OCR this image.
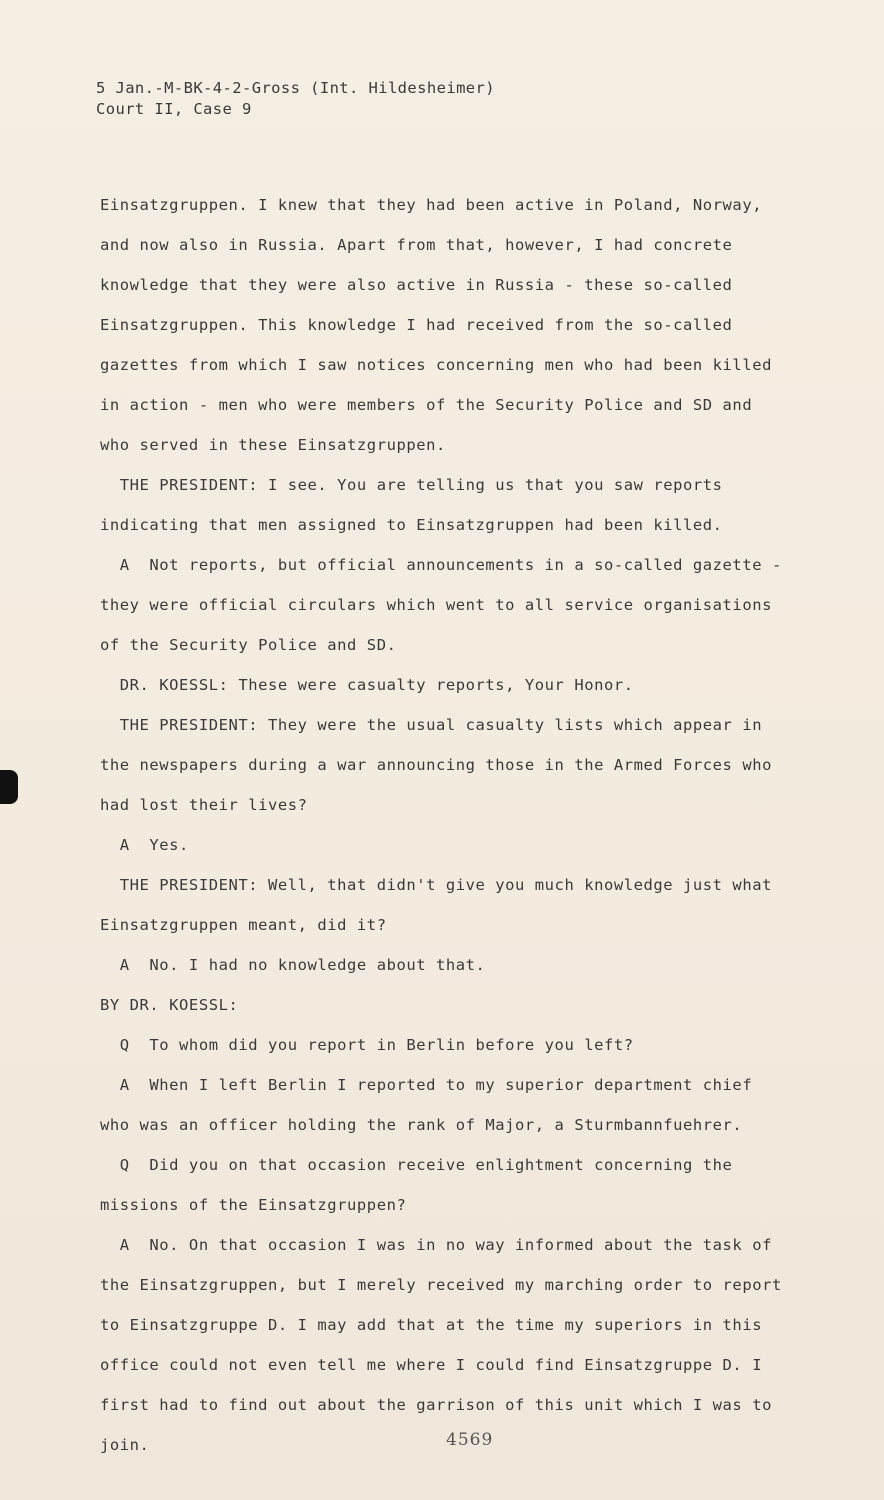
5 Jan.-M-BK-4-2-Gross (Int. Hildesheimer)
Court II, Case 9
Einsatzgruppen. I knew that they had been active in Poland, Norway,
and now also in Russia. Apart from that, however, I had concrete
knowledge that they were also active in Russia - these so-called
Einsatzgruppen. This knowledge I had received from the so-called
gazettes from which I saw notices concerning men who had been killed
in action - men who were members of the Security Police and SD and
who served in these Einsatzgruppen.
THE PRESIDENT: I see. You are telling us that you saw reports
indicating that men assigned to Einsatzgruppen had been killed.
A  Not reports, but official announcements in a so-called gazette -
they were official circulars which went to all service organisations
of the Security Police and SD.
DR. KOESSL: These were casualty reports, Your Honor.
THE PRESIDENT: They were the usual casualty lists which appear in
the newspapers during a war announcing those in the Armed Forces who
had lost their lives?
A  Yes.
THE PRESIDENT: Well, that didn't give you much knowledge just what
Einsatzgruppen meant, did it?
A  No. I had no knowledge about that.
BY DR. KOESSL:
Q  To whom did you report in Berlin before you left?
A  When I left Berlin I reported to my superior department chief
who was an officer holding the rank of Major, a Sturmbannfuehrer.
Q  Did you on that occasion receive enlightment concerning the
missions of the Einsatzgruppen?
A  No. On that occasion I was in no way informed about the task of
the Einsatzgruppen, but I merely received my marching order to report
to Einsatzgruppe D. I may add that at the time my superiors in this
office could not even tell me where I could find Einsatzgruppe D. I
first had to find out about the garrison of this unit which I was to
join.	4569
